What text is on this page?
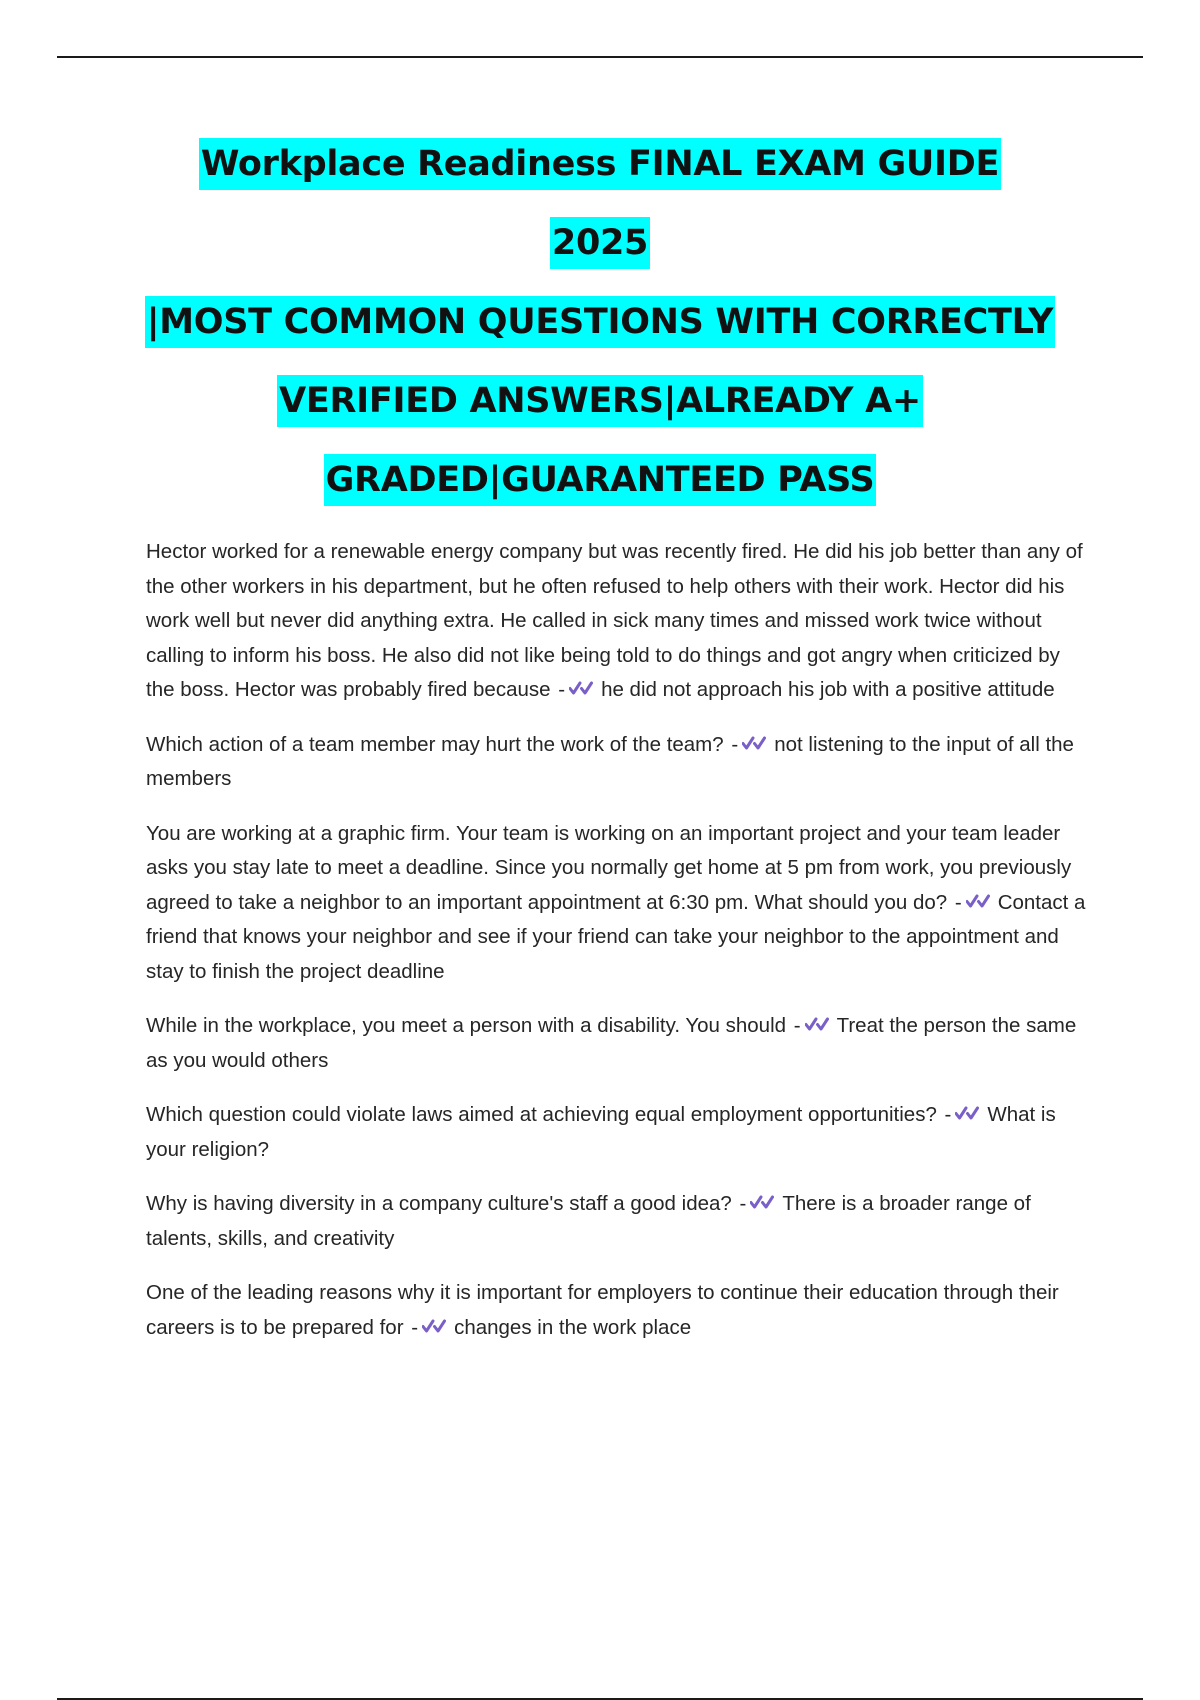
Workplace Readiness FINAL EXAM GUIDE
2025
|MOST COMMON QUESTIONS WITH CORRECTLY
VERIFIED ANSWERS|ALREADY A+
GRADED|GUARANTEED PASS

Hector worked for a renewable energy company but was recently fired. He did his job better than any of the other workers in his department, but he often refused to help others with their work. Hector did his work well but never did anything extra. He called in sick many times and missed work twice without calling to inform his boss. He also did not like being told to do things and got angry when criticized by the boss. Hector was probably fired because - he did not approach his job with a positive attitude

Which action of a team member may hurt the work of the team? - not listening to the input of all the members

You are working at a graphic firm. Your team is working on an important project and your team leader asks you stay late to meet a deadline. Since you normally get home at 5 pm from work, you previously agreed to take a neighbor to an important appointment at 6:30 pm. What should you do? - Contact a friend that knows your neighbor and see if your friend can take your neighbor to the appointment and stay to finish the project deadline

While in the workplace, you meet a person with a disability. You should - Treat the person the same as you would others

Which question could violate laws aimed at achieving equal employment opportunities? - What is your religion?

Why is having diversity in a company culture's staff a good idea? - There is a broader range of talents, skills, and creativity

One of the leading reasons why it is important for employers to continue their education through their careers is to be prepared for - changes in the work place
